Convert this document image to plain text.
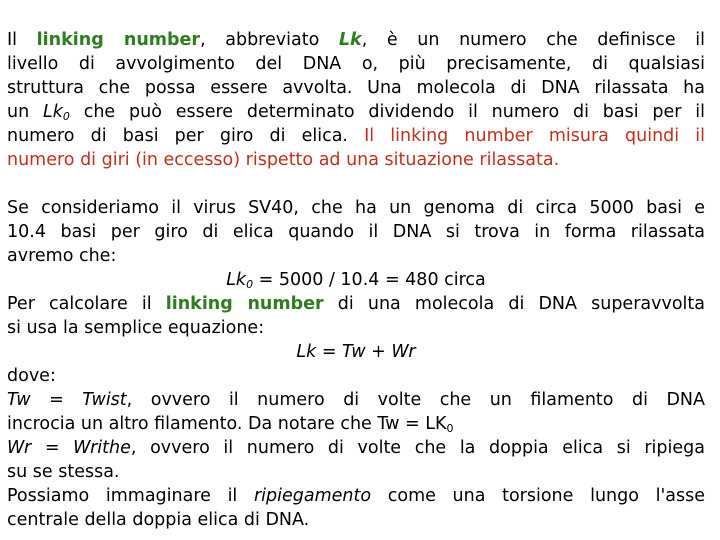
Il linking number, abbreviato Lk, è un numero che definisce il
livello di avvolgimento del DNA o, più precisamente, di qualsiasi
struttura che possa essere avvolta. Una molecola di DNA rilassata ha
un $Lk_0$ che può essere determinato dividendo il numero di basi per il
numero di basi per giro di elica. Il linking number misura quindi il
numero di giri (in eccesso) rispetto ad una situazione rilassata.
Se consideriamo il virus SV40, che ha un genoma di circa 5000 basi e
10.4 basi per giro di elica quando il DNA si trova in forma rilassata
avremo che:
$Lk_0 = 5000 / 10.4 = 480$ circa
Per calcolare il linking number di una molecola di DNA superavvolta
si usa la semplice equazione:
Lk = Tw + Wr
dove:
Tw = Twist, ovvero il numero di volte che un filamento di DNA
incrocia un altro filamento. Da notare che $Tw = LK_0$
Wr = Writhe, ovvero il numero di volte che la doppia elica si ripiega
su se stessa.
Possiamo immaginare il ripiegamento come una torsione lungo l'asse
centrale della doppia elica di DNA.
